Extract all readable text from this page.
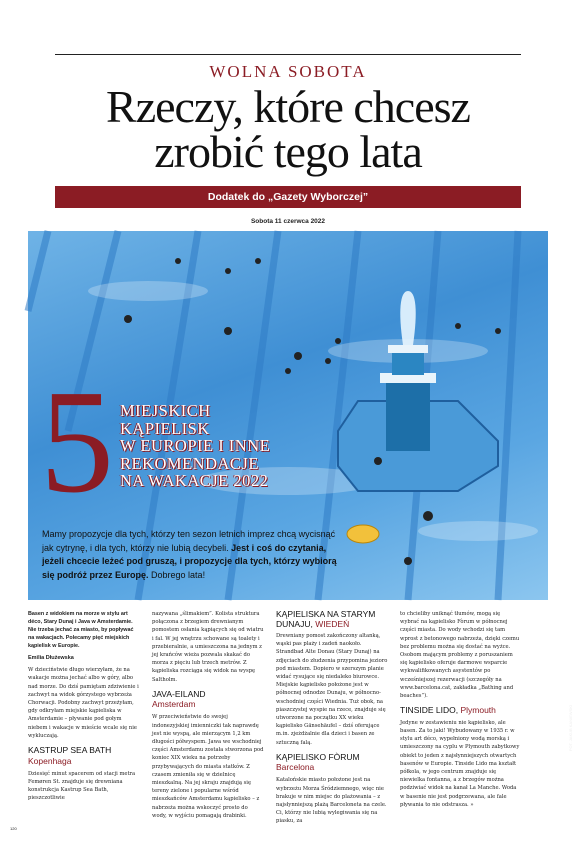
WOLNA SOBOTA
Rzeczy, które chcesz
zrobić tego lata
Dodatek do „Gazety Wyborczej”
Sobota 11 czerwca 2022
FOT. JAKUB KANIEWSKI
5 MIEJSKICH
KĄPIELISK
W EUROPIE I INNE
REKOMENDACJE
NA WAKACJE 2022
Mamy propozycje dla tych, którzy ten sezon letnich imprez chcą wycisnąć jak cytrynę, i dla tych, którzy nie lubią decybeli. Jest i coś do czytania, jeżeli chcecie leżeć pod gruszą, i propozycje dla tych, którzy wybiorą się podróż przez Europę. Dobrego lata!

Basen z widokiem na morze w stylu art déco, Stary Dunaj i Java w Amsterdamie. Nie trzeba jechać za miasto, by popływać na wakacjach. Polecamy pięć miejskich kąpielisk w Europie.

Emilia Dłużewska

W dzieciństwie długo wierzyłam, że na wakacje można jechać albo w góry, albo nad morze. Do dziś pamiętam zdziwienie i zachwyt na widok górzystego wybrzeża Chorwacji. Podobny zachwyt przeżyłam, gdy odkryłam miejskie kąpieliska w Amsterdamie – pływanie pod gołym niebem i wakacje w mieście wcale się nie wykluczają.

KASTRUP SEA BATH
Kopenhaga

Dziesięć minut spacerem od stacji metra Femøren St. znajduje się drewniana konstrukcja Kastrup Sea Bath, pieszczotliwie

nazywana „ślimakiem”. Kolista struktura połączona z brzegiem drewnianym pomostem osłania kąpiących się od wiatru i fal. W jej wnętrzu schowane są toalety i przebieralnie, a umieszczona na jednym z jej krańców wieża pozwala skakać do morza z pięciu lub trzech metrów. Z kąpieliska rozciąga się widok na wyspę Saltholm.

JAVA-EILAND
Amsterdam

W przeciwieństwie do swojej indonezyjskiej imienniczki tak naprawdę jest nie wyspą, ale mierzącym 1,2 km długości półwyspem. Jawa we wschodniej części Amsterdamu została stworzona pod koniec XIX wieku na potrzeby przybywających do miasta statków. Z czasem zmieniła się w dzielnicę mieszkalną. Na jej skraju znajdują się tereny zielone i popularne wśród mieszkańców Amsterdamu kąpielisko – z nabrzeża można wskoczyć prosto do wody, w wyjściu pomagają drabinki.

KĄPIELISKA NA STARYM DUNAJU, WIEDEŃ

Drewniany pomost zakończony altanką, wąski pas plaży i zadeń naokoło. Strandbad Alte Donau (Stary Dunaj) na zdjęciach do złudzenia przypomina jezioro pod miastem. Dopiero w szerszym planie widać rysujące się niedaleko biurowce. Miejskie kąpielisko położone jest w północnej odnodze Dunaju, w północno-wschodniej części Wiednia. Tuż obok, na piaszczystej wyspie na rzece, znajduje się utworzone na początku XX wieku kąpielisko Gänsehäufel – dziś oferujące m.in. zjeżdżalnie dla dzieci i basen ze sztuczną falą.

KĄPIELISKO FÒRUM
Barcelona

Katalońskie miasto położone jest na wybrzeżu Morza Śródziemnego, więc nie brakuje w nim miejsc do plażowania – z najsłynniejszą plażą Barceloneta na czele. Ci, którzy nie lubią wylegiwania się na piasku, za

to chcieliby uniknąć tłumów, mogą się wybrać na kąpielisko Fòrum w północnej części miasta. Do wody wchodzi się tam wprost z betonowego nabrzeża, dzięki czemu bez problemu można się dostać na wyżce. Osobom mającym problemy z poruszaniem się kąpielisko oferuje darmowe wsparcie wykwalifikowanych asystentów po wcześniejszej rezerwacji (szczegóły na www.barcelona.cat, zakładka „Bathing and beaches”).

TINSIDE LIDO, Plymouth

Jedyne w zestawieniu nie kąpielisko, ale basen. Za to jaki! Wybudowany w 1935 r. w stylu art déco, wypełniony wodą morską i umieszczony na cyplu w Plymouth zabytkowy obiekt to jeden z najsłynniejszych otwartych basenów w Europie. Tinside Lido ma kształt półkola, w jego centrum znajduje się niewielka fontanna, a z brzegów można podziwiać widok na kanał La Manche. Woda w basenie nie jest podgrzewana, ale fale pływania to nie odstrasza. »

120
